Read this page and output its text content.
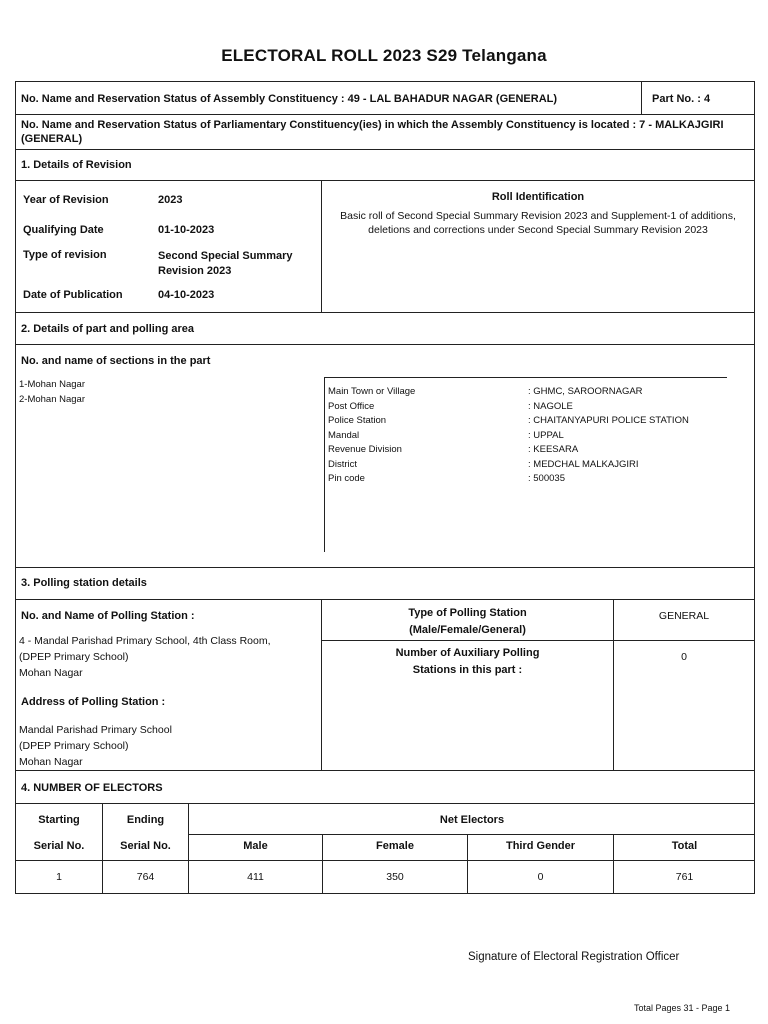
ELECTORAL ROLL 2023 S29 Telangana
No. Name and Reservation Status of Assembly Constituency : 49 - LAL BAHADUR NAGAR (GENERAL)	Part No. : 4
No. Name and Reservation Status of Parliamentary Constituency(ies) in which the Assembly Constituency is located : 7 - MALKAJGIRI (GENERAL)
1. Details of Revision
Year of Revision	2023
Qualifying Date	01-10-2023
Type of revision	Second Special Summary Revision 2023
Date of Publication	04-10-2023
Roll Identification
Basic roll of Second Special Summary Revision 2023 and Supplement-1 of additions, deletions and corrections under Second Special Summary Revision 2023
2. Details of part and polling area
No. and name of sections in the part
1-Mohan Nagar
2-Mohan Nagar
Main Town or Village	: GHMC, SAROORNAGAR
Post Office	: NAGOLE
Police Station	: CHAITANYAPURI POLICE STATION
Mandal	: UPPAL
Revenue Division	: KEESARA
District	: MEDCHAL MALKAJGIRI
Pin code	: 500035
3. Polling station details
No. and Name of Polling Station :
4 - Mandal Parishad Primary School, 4th Class Room,
(DPEP Primary School)
Mohan Nagar
Address of Polling Station :
Mandal Parishad Primary School
(DPEP Primary School)
Mohan Nagar
Type of Polling Station
(Male/Female/General)
GENERAL
Number of Auxiliary Polling
Stations in this part :
0
4. NUMBER OF ELECTORS
Starting	Ending	Net Electors
Serial No.	Serial No.	Male	Female	Third Gender	Total
1	764	411	350	0	761
Signature of Electoral Registration Officer
Total Pages 31 - Page 1
